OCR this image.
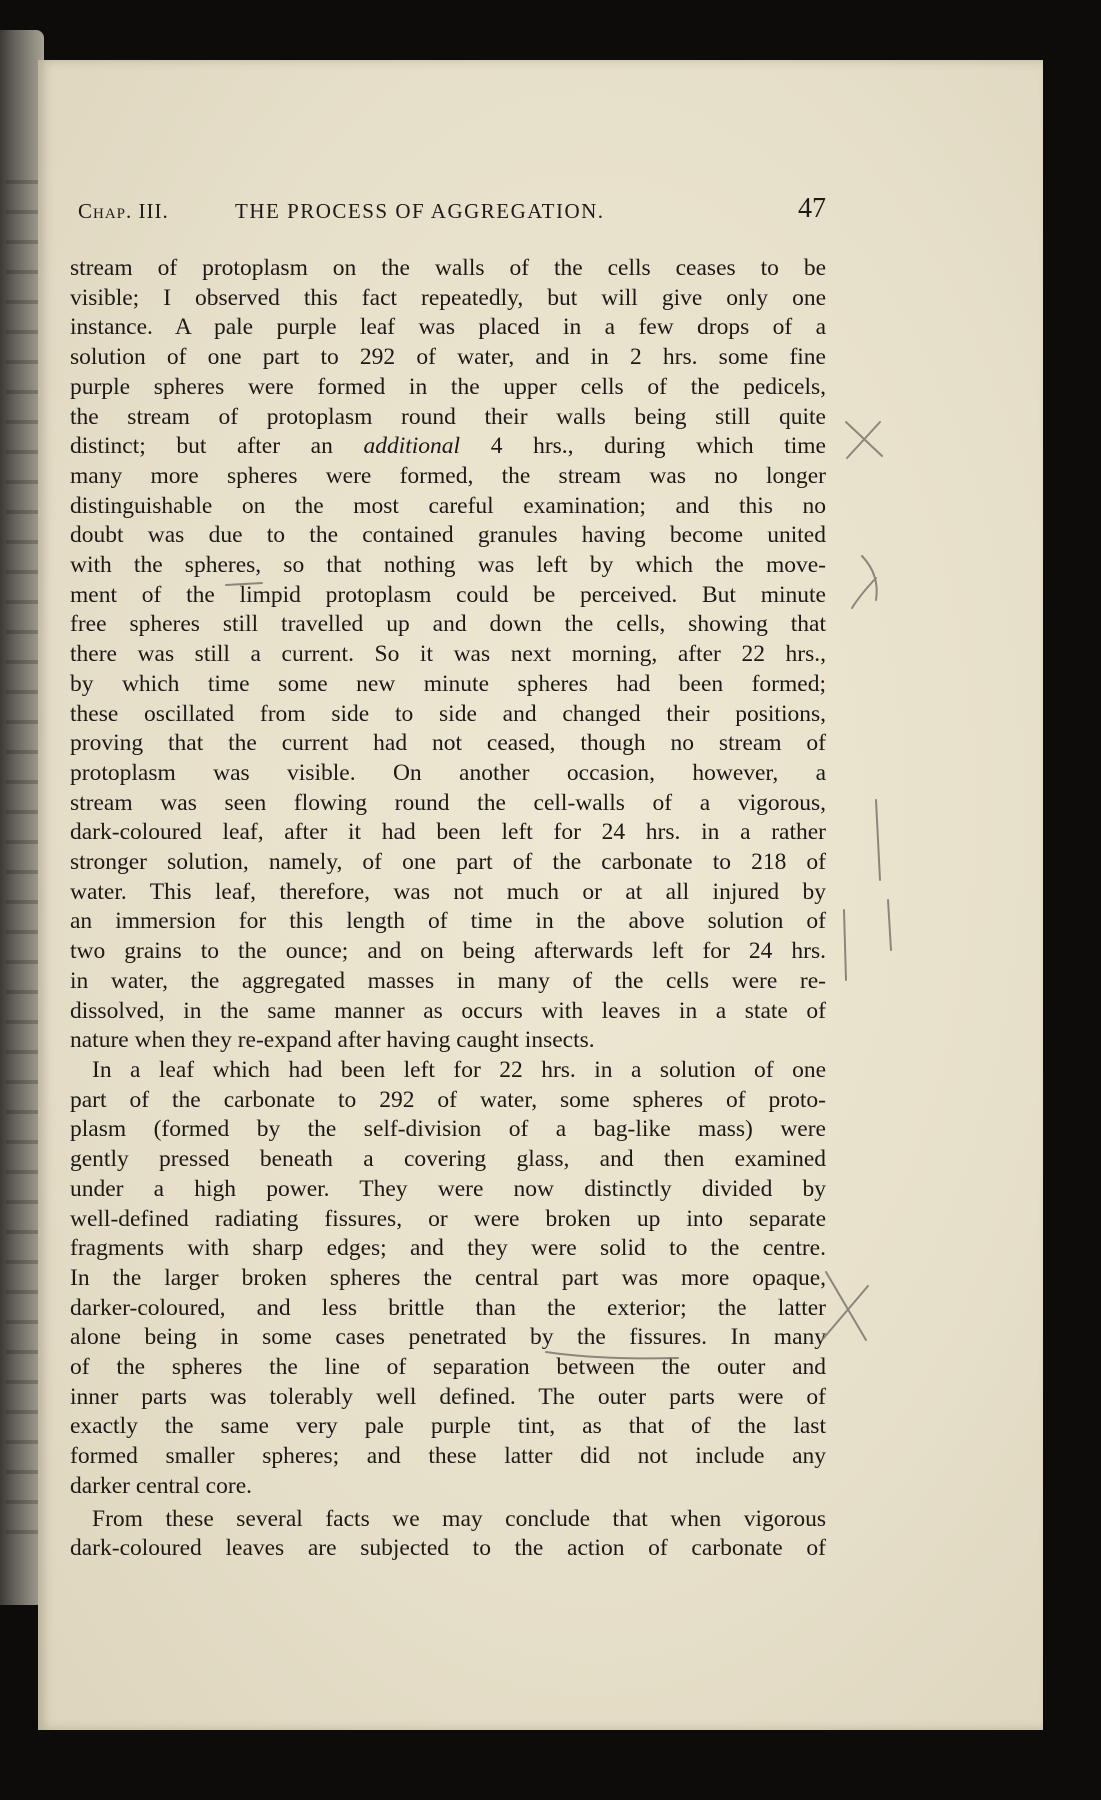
Chap. III.	THE PROCESS OF AGGREGATION.	47

stream of protoplasm on the walls of the cells ceases to be

visible; I observed this fact repeatedly, but will give only one

instance. A pale purple leaf was placed in a few drops of a

solution of one part to 292 of water, and in 2 hrs. some fine

purple spheres were formed in the upper cells of the pedicels,

the stream of protoplasm round their walls being still quite

distinct; but after an additional 4 hrs., during which time

many more spheres were formed, the stream was no longer

distinguishable on the most careful examination; and this no

doubt was due to the contained granules having become united

with the spheres, so that nothing was left by which the move-

ment of the limpid protoplasm could be perceived. But minute

free spheres still travelled up and down the cells, showing that

there was still a current. So it was next morning, after 22 hrs.,

by which time some new minute spheres had been formed;

these oscillated from side to side and changed their positions,

proving that the current had not ceased, though no stream of

protoplasm was visible. On another occasion, however, a

stream was seen flowing round the cell-walls of a vigorous,

dark-coloured leaf, after it had been left for 24 hrs. in a rather

stronger solution, namely, of one part of the carbonate to 218 of

water. This leaf, therefore, was not much or at all injured by

an immersion for this length of time in the above solution of

two grains to the ounce; and on being afterwards left for 24 hrs.

in water, the aggregated masses in many of the cells were re-

dissolved, in the same manner as occurs with leaves in a state of

nature when they re-expand after having caught insects.

In a leaf which had been left for 22 hrs. in a solution of one

part of the carbonate to 292 of water, some spheres of proto-

plasm (formed by the self-division of a bag-like mass) were

gently pressed beneath a covering glass, and then examined

under a high power. They were now distinctly divided by

well-defined radiating fissures, or were broken up into separate

fragments with sharp edges; and they were solid to the centre.

In the larger broken spheres the central part was more opaque,

darker-coloured, and less brittle than the exterior; the latter

alone being in some cases penetrated by the fissures. In many

of the spheres the line of separation between the outer and

inner parts was tolerably well defined. The outer parts were of

exactly the same very pale purple tint, as that of the last

formed smaller spheres; and these latter did not include any

darker central core.

From these several facts we may conclude that when vigorous

dark-coloured leaves are subjected to the action of carbonate of
